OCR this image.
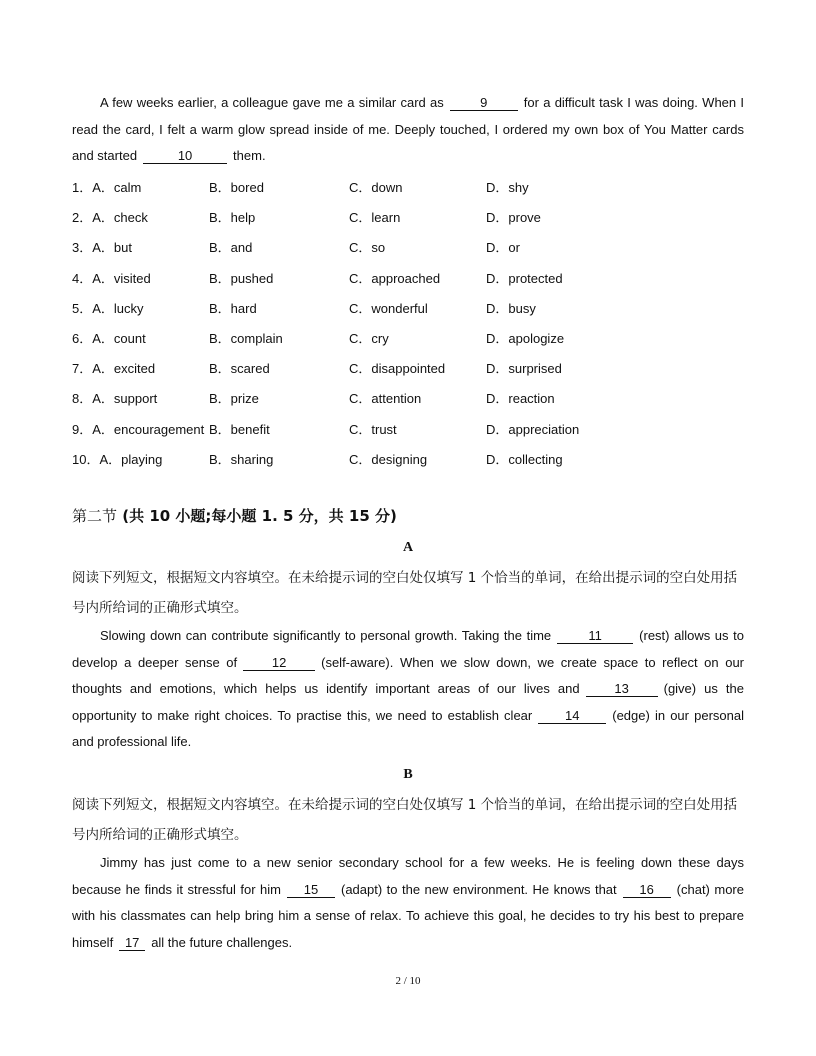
A few weeks earlier, a colleague gave me a similar card as	9	for a difficult task I was doing. When I read the card, I felt a warm glow spread inside of me. Deeply touched, I ordered my own box of You Matter cards and started	10	them.

1．A．calm	B．bored	C．down	D．shy
2．A．check	B．help	C．learn	D．prove
3．A．but	B．and	C．so	D．or
4．A．visited	B．pushed	C．approached	D．protected
5．A．lucky	B．hard	C．wonderful	D．busy
6．A．count	B．complain	C．cry	D．apologize
7．A．excited	B．scared	C．disappointed	D．surprised
8．A．support	B．prize	C．attention	D．reaction
9．A．encouragement B．benefit	C．trust	D．appreciation
10．A．playing	B．sharing	C．designing	D．collecting
第二节 (共 10 小题;每小题 1. 5 分，共 15 分)
A

阅读下列短文，根据短文内容填空。在未给提示词的空白处仅填写 1 个恰当的单词，在给出提示词的空白处用括号内所给词的正确形式填空。

Slowing down can contribute significantly to personal growth. Taking the time	11	(rest) allows us to develop a deeper sense of	12	(self-aware). When we slow down, we create space to reflect on our thoughts and emotions, which helps us identify important areas of our lives and	13	(give) us the opportunity to make right choices. To practise this, we need to establish clear	14	(edge) in our personal and professional life.

B

阅读下列短文，根据短文内容填空。在未给提示词的空白处仅填写 1 个恰当的单词，在给出提示词的空白处用括号内所给词的正确形式填空。

Jimmy has just come to a new senior secondary school for a few weeks. He is feeling down these days because he finds it stressful for him 15 (adapt) to the new environment. He knows that 16 (chat) more with his classmates can help bring him a sense of relax. To achieve this goal, he decides to try his best to prepare himself 17 all the future challenges.

2 / 10
